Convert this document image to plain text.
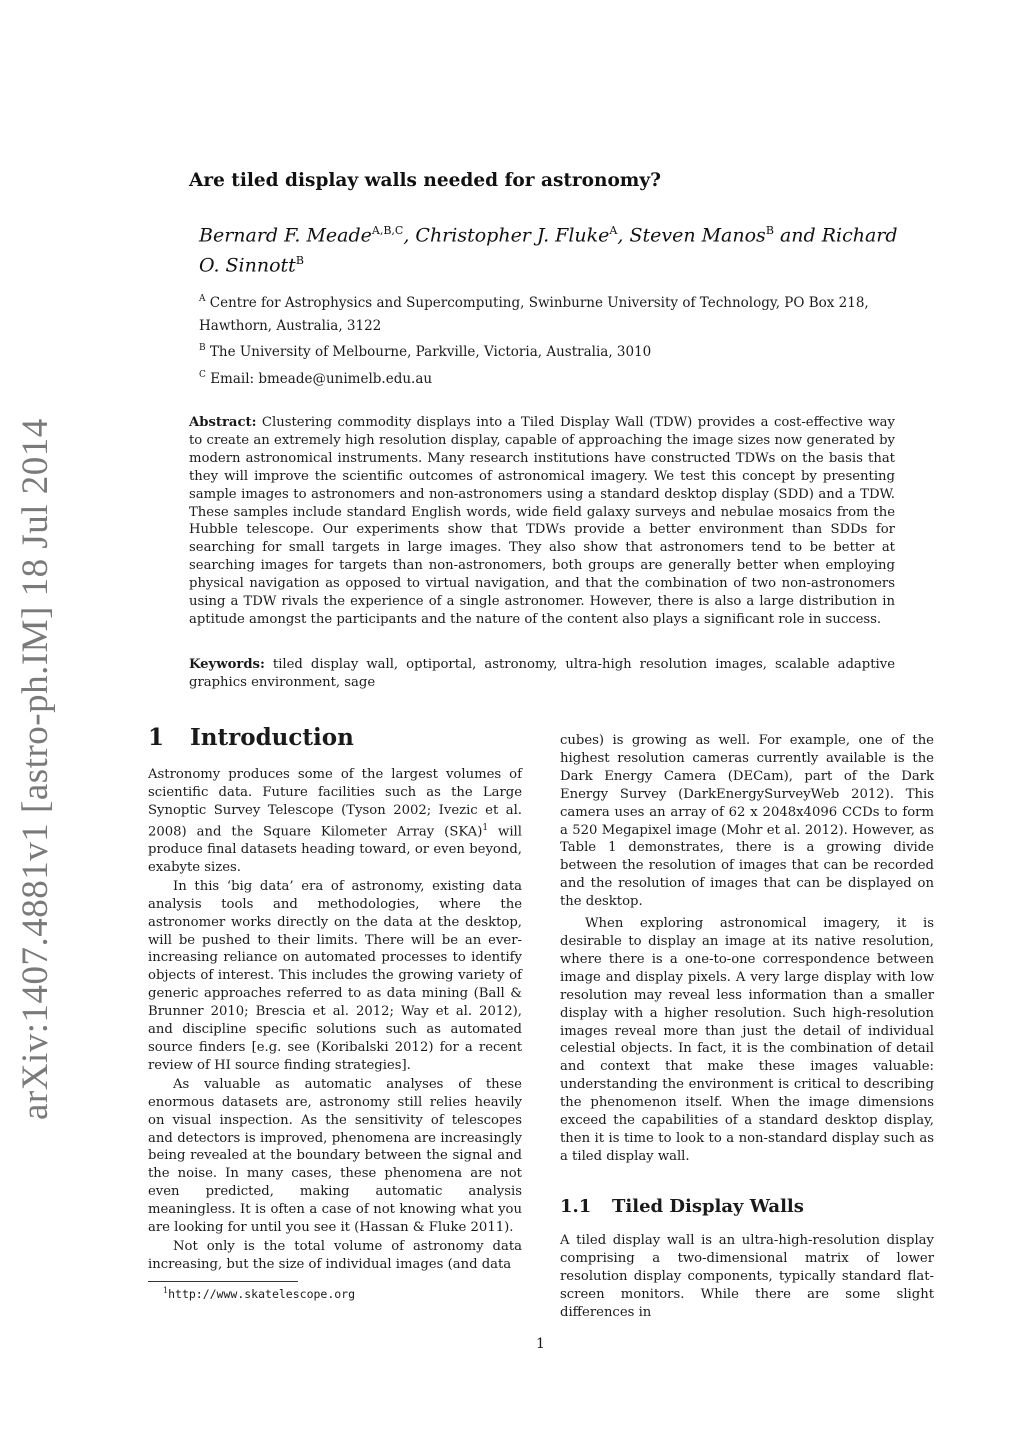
arXiv:1407.4881v1 [astro-ph.IM] 18 Jul 2014
Are tiled display walls needed for astronomy?
Bernard F. Meade$^{A,B,C}$, Christopher J. Fluke$^A$, Steven Manos$^B$ and Richard O. Sinnott$^B$
$^A$ Centre for Astrophysics and Supercomputing, Swinburne University of Technology, PO Box 218, Hawthorn, Australia, 3122
$^B$ The University of Melbourne, Parkville, Victoria, Australia, 3010
$^C$ Email: bmeade@unimelb.edu.au
Abstract: Clustering commodity displays into a Tiled Display Wall (TDW) provides a cost-effective way to create an extremely high resolution display, capable of approaching the image sizes now generated by modern astronomical instruments. Many research institutions have constructed TDWs on the basis that they will improve the scientific outcomes of astronomical imagery. We test this concept by presenting sample images to astronomers and non-astronomers using a standard desktop display (SDD) and a TDW. These samples include standard English words, wide field galaxy surveys and nebulae mosaics from the Hubble telescope. Our experiments show that TDWs provide a better environment than SDDs for searching for small targets in large images. They also show that astronomers tend to be better at searching images for targets than non-astronomers, both groups are generally better when employing physical navigation as opposed to virtual navigation, and that the combination of two non-astronomers using a TDW rivals the experience of a single astronomer. However, there is also a large distribution in aptitude amongst the participants and the nature of the content also plays a significant role in success.
Keywords: tiled display wall, optiportal, astronomy, ultra-high resolution images, scalable adaptive graphics environment, sage
1 Introduction

Astronomy produces some of the largest volumes of scientific data. Future facilities such as the Large Synoptic Survey Telescope (Tyson 2002; Ivezic et al. 2008) and the Square Kilometer Array (SKA)$^1$ will produce final datasets heading toward, or even beyond, exabyte sizes.

In this ‘big data’ era of astronomy, existing data analysis tools and methodologies, where the astronomer works directly on the data at the desktop, will be pushed to their limits. There will be an ever-increasing reliance on automated processes to identify objects of interest. This includes the growing variety of generic approaches referred to as data mining (Ball & Brunner 2010; Brescia et al. 2012; Way et al. 2012), and discipline specific solutions such as automated source finders [e.g. see (Koribalski 2012) for a recent review of HI source finding strategies].

As valuable as automatic analyses of these enormous datasets are, astronomy still relies heavily on visual inspection. As the sensitivity of telescopes and detectors is improved, phenomena are increasingly being revealed at the boundary between the signal and the noise. In many cases, these phenomena are not even predicted, making automatic analysis meaningless. It is often a case of not knowing what you are looking for until you see it (Hassan & Fluke 2011).

Not only is the total volume of astronomy data increasing, but the size of individual images (and data

$^1$http://www.skatelescope.org

cubes) is growing as well. For example, one of the highest resolution cameras currently available is the Dark Energy Camera (DECam), part of the Dark Energy Survey (DarkEnergySurveyWeb 2012). This camera uses an array of 62 x 2048x4096 CCDs to form a 520 Megapixel image (Mohr et al. 2012). However, as Table 1 demonstrates, there is a growing divide between the resolution of images that can be recorded and the resolution of images that can be displayed on the desktop.

When exploring astronomical imagery, it is desirable to display an image at its native resolution, where there is a one-to-one correspondence between image and display pixels. A very large display with low resolution may reveal less information than a smaller display with a higher resolution. Such high-resolution images reveal more than just the detail of individual celestial objects. In fact, it is the combination of detail and context that make these images valuable: understanding the environment is critical to describing the phenomenon itself. When the image dimensions exceed the capabilities of a standard desktop display, then it is time to look to a non-standard display such as a tiled display wall.

1.1 Tiled Display Walls

A tiled display wall is an ultra-high-resolution display comprising a two-dimensional matrix of lower resolution display components, typically standard flat-screen monitors. While there are some slight differences in

1
